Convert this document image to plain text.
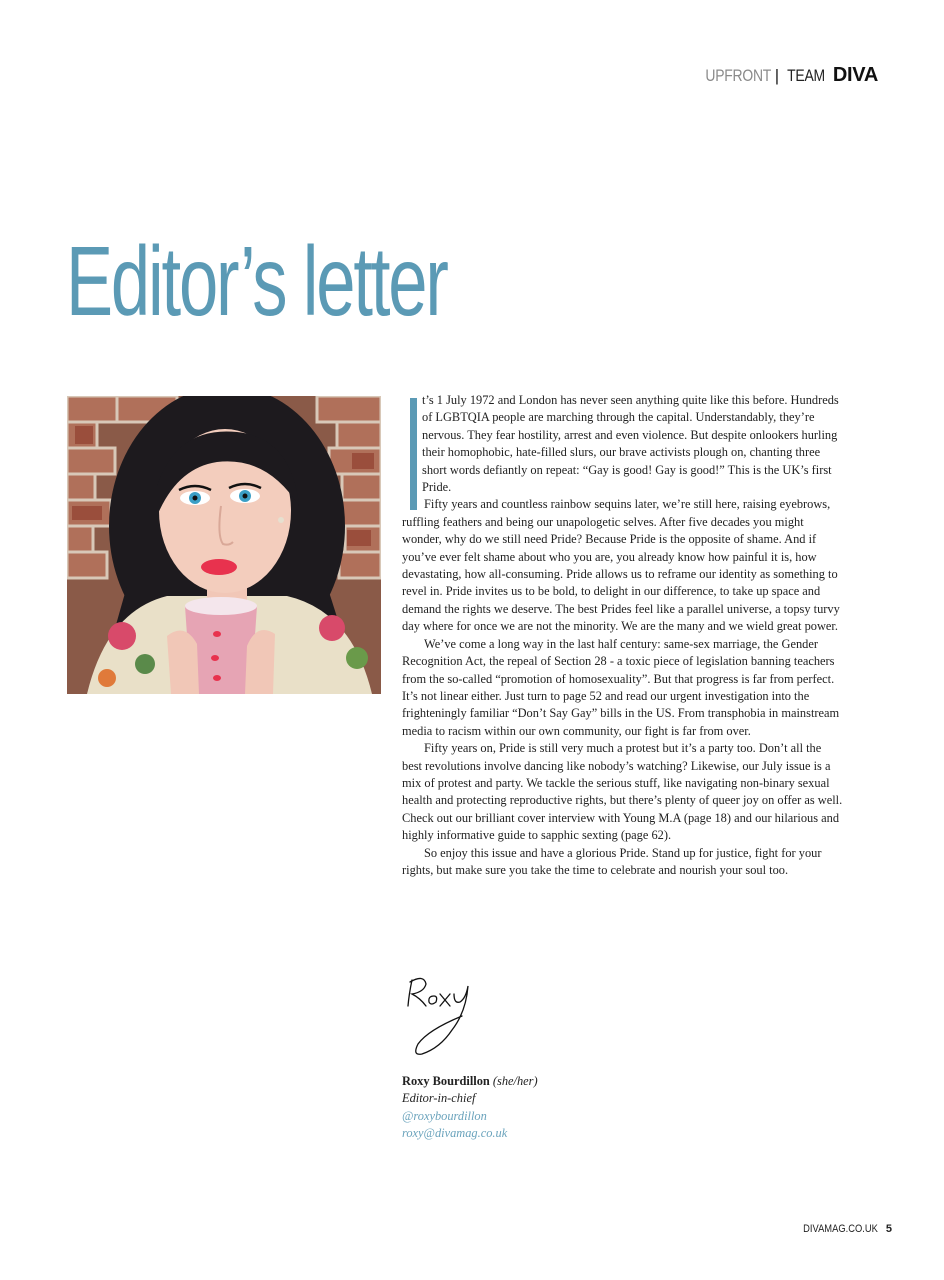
UPFRONT | TEAM DIVA
Editor’s letter

t’s 1 July 1972 and London has never seen anything quite like this before. Hundreds of LGBTQIA people are marching through the capital. Understandably, they’re nervous. They fear hostility, arrest and even violence. But despite onlookers hurling their homophobic, hate-filled slurs, our brave activists plough on, chanting three short words defiantly on repeat: “Gay is good! Gay is good!” This is the UK’s first Pride.

Fifty years and countless rainbow sequins later, we’re still here, raising eyebrows, ruffling feathers and being our unapologetic selves. After five decades you might wonder, why do we still need Pride? Because Pride is the opposite of shame. And if you’ve ever felt shame about who you are, you already know how painful it is, how devastating, how all-consuming. Pride allows us to reframe our identity as something to revel in. Pride invites us to be bold, to delight in our difference, to take up space and demand the rights we deserve. The best Prides feel like a parallel universe, a topsy turvy day where for once we are not the minority. We are the many and we wield great power.

We’ve come a long way in the last half century: same-sex marriage, the Gender Recognition Act, the repeal of Section 28 - a toxic piece of legislation banning teachers from the so-called “promotion of homosexuality”. But that progress is far from perfect. It’s not linear either. Just turn to page 52 and read our urgent investigation into the frighteningly familiar “Don’t Say Gay” bills in the US. From transphobia in mainstream media to racism within our own community, our fight is far from over.

Fifty years on, Pride is still very much a protest but it’s a party too. Don’t all the best revolutions involve dancing like nobody’s watching? Likewise, our July issue is a mix of protest and party. We tackle the serious stuff, like navigating non-binary sexual health and protecting reproductive rights, but there’s plenty of queer joy on offer as well. Check out our brilliant cover interview with Young M.A (page 18) and our hilarious and highly informative guide to sapphic sexting (page 62).

So enjoy this issue and have a glorious Pride. Stand up for justice, fight for your rights, but make sure you take the time to celebrate and nourish your soul too.

Roxy Bourdillon (she/her)
Editor-in-chief
@roxybourdillon
roxy@divamag.co.uk
DIVAMAG.CO.UK 5
